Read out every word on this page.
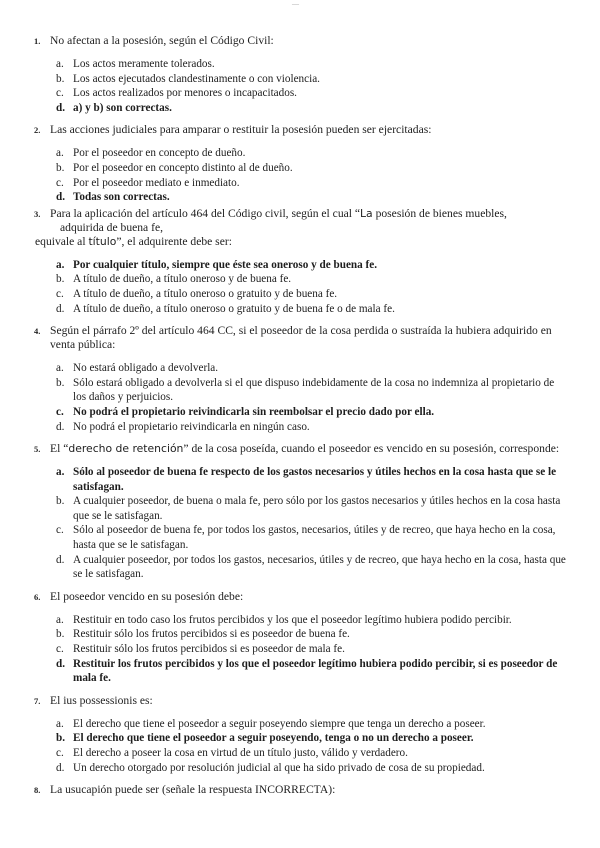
—
1. No afectan a la posesión, según el Código Civil:
a. Los actos meramente tolerados.
b. Los actos ejecutados clandestinamente o con violencia.
c. Los actos realizados por menores o incapacitados.
d. a) y b) son correctas.
2. Las acciones judiciales para amparar o restituir la posesión pueden ser ejercitadas:
a. Por el poseedor en concepto de dueño.
b. Por el poseedor en concepto distinto al de dueño.
c. Por el poseedor mediato e inmediato.
d. Todas son correctas.
3. Para la aplicación del artículo 464 del Código civil, según el cual “La posesión de bienes muebles,
adquirida de buena fe,
equivale al título”, el adquirente debe ser:
a. Por cualquier título, siempre que éste sea oneroso y de buena fe.
b. A título de dueño, a título oneroso y de buena fe.
c. A título de dueño, a título oneroso o gratuito y de buena fe.
d. A título de dueño, a título oneroso o gratuito y de buena fe o de mala fe.
4. Según el párrafo 2º del artículo 464 CC, si el poseedor de la cosa perdida o sustraída la hubiera adquirido en venta pública:
a. No estará obligado a devolverla.
b. Sólo estará obligado a devolverla si el que dispuso indebidamente de la cosa no indemniza al propietario de los daños y perjuicios.
c. No podrá el propietario reivindicarla sin reembolsar el precio dado por ella.
d. No podrá el propietario reivindicarla en ningún caso.
5. El “derecho de retención” de la cosa poseída, cuando el poseedor es vencido en su posesión, corresponde:
a. Sólo al poseedor de buena fe respecto de los gastos necesarios y útiles hechos en la cosa hasta que se le satisfagan.
b. A cualquier poseedor, de buena o mala fe, pero sólo por los gastos necesarios y útiles hechos en la cosa hasta que se le satisfagan.
c. Sólo al poseedor de buena fe, por todos los gastos, necesarios, útiles y de recreo, que haya hecho en la cosa, hasta que se le satisfagan.
d. A cualquier poseedor, por todos los gastos, necesarios, útiles y de recreo, que haya hecho en la cosa, hasta que se le satisfagan.
6. El poseedor vencido en su posesión debe:
a. Restituir en todo caso los frutos percibidos y los que el poseedor legítimo hubiera podido percibir.
b. Restituir sólo los frutos percibidos si es poseedor de buena fe.
c. Restituir sólo los frutos percibidos si es poseedor de mala fe.
d. Restituir los frutos percibidos y los que el poseedor legítimo hubiera podido percibir, si es poseedor de mala fe.
7. El ius possessionis es:
a. El derecho que tiene el poseedor a seguir poseyendo siempre que tenga un derecho a poseer.
b. El derecho que tiene el poseedor a seguir poseyendo, tenga o no un derecho a poseer.
c. El derecho a poseer la cosa en virtud de un título justo, válido y verdadero.
d. Un derecho otorgado por resolución judicial al que ha sido privado de cosa de su propiedad.
8. La usucapión puede ser (señale la respuesta INCORRECTA):
